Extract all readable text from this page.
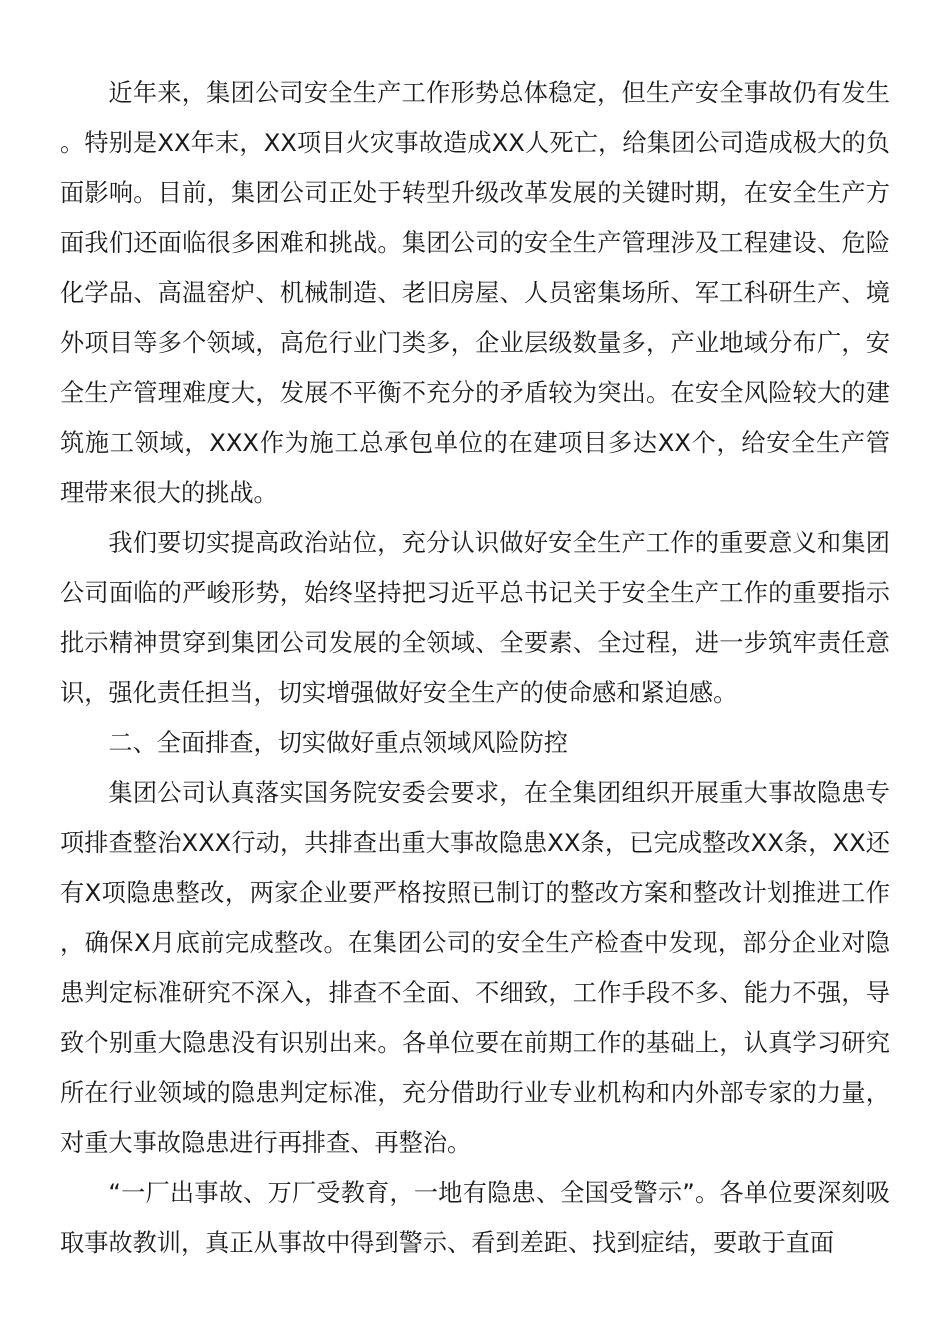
近年来，集团公司安全生产工作形势总体稳定，但生产安全事故仍有发生。特别是XX年末，XX项目火灾事故造成XX人死亡，给集团公司造成极大的负面影响。目前，集团公司正处于转型升级改革发展的关键时期，在安全生产方面我们还面临很多困难和挑战。集团公司的安全生产管理涉及工程建设、危险化学品、高温窑炉、机械制造、老旧房屋、人员密集场所、军工科研生产、境外项目等多个领域，高危行业门类多，企业层级数量多，产业地域分布广，安全生产管理难度大，发展不平衡不充分的矛盾较为突出。在安全风险较大的建筑施工领域，XXX作为施工总承包单位的在建项目多达XX个，给安全生产管理带来很大的挑战。

我们要切实提高政治站位，充分认识做好安全生产工作的重要意义和集团公司面临的严峻形势，始终坚持把习近平总书记关于安全生产工作的重要指示批示精神贯穿到集团公司发展的全领域、全要素、全过程，进一步筑牢责任意识，强化责任担当，切实增强做好安全生产的使命感和紧迫感。

二、全面排查，切实做好重点领域风险防控

集团公司认真落实国务院安委会要求，在全集团组织开展重大事故隐患专项排查整治XXX行动，共排查出重大事故隐患XX条，已完成整改XX条，XX还有X项隐患整改，两家企业要严格按照已制订的整改方案和整改计划推进工作，确保X月底前完成整改。在集团公司的安全生产检查中发现，部分企业对隐患判定标准研究不深入，排查不全面、不细致，工作手段不多、能力不强，导致个别重大隐患没有识别出来。各单位要在前期工作的基础上，认真学习研究所在行业领域的隐患判定标准，充分借助行业专业机构和内外部专家的力量，对重大事故隐患进行再排查、再整治。

“一厂出事故、万厂受教育，一地有隐患、全国受警示”。各单位要深刻吸取事故教训，真正从事故中得到警示、看到差距、找到症结，要敢于直面
